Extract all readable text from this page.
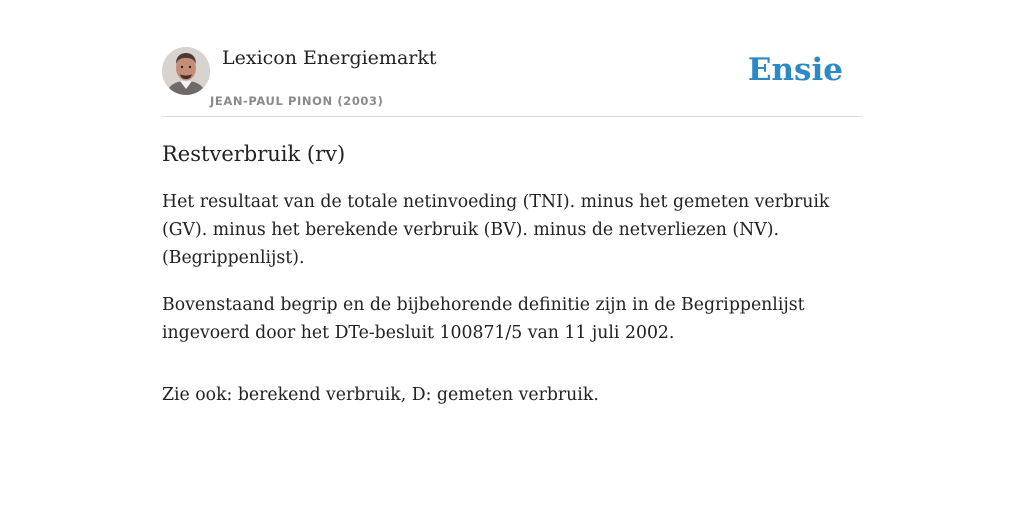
Lexicon Energiemarkt
JEAN-PAUL PINON (2003)
Ensie
Restverbruik (rv)

Het resultaat van de totale netinvoeding (TNI). minus het gemeten verbruik (GV). minus het berekende verbruik (BV). minus de netverliezen (NV). (Begrippenlijst).

Bovenstaand begrip en de bijbehorende definitie zijn in de Begrippenlijst ingevoerd door het DTe-besluit 100871/5 van 11 juli 2002.

Zie ook: berekend verbruik, D: gemeten verbruik.
